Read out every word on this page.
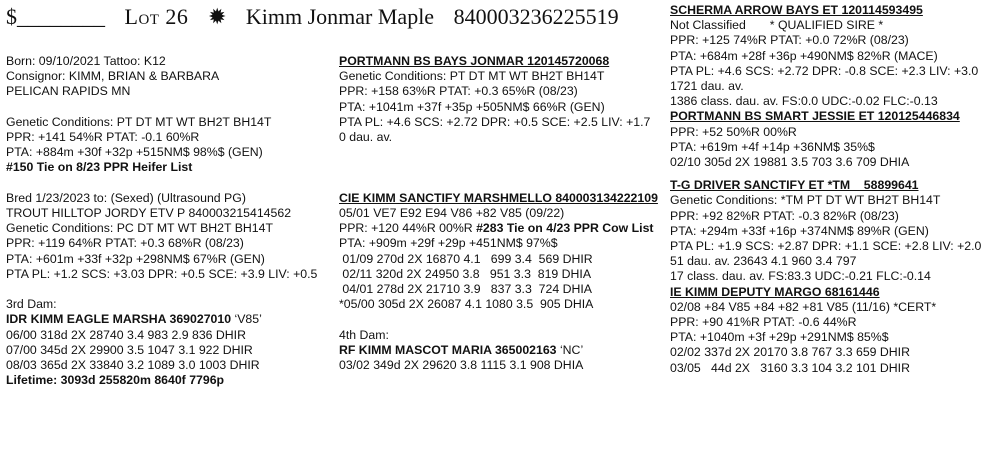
$________ Lot 26 ✹ Kimm Jonmar Maple 840003236225519
Born: 09/10/2021 Tattoo: K12
Consignor: KIMM, BRIAN & BARBARA
PELICAN RAPIDS MN
Genetic Conditions: PT DT MT WT BH2T BH14T
PPR: +141 54%R PTAT: -0.1 60%R
PTA: +884m +30f +32p +515NM$ 98%$ (GEN)
#150 Tie on 8/23 PPR Heifer List
Bred 1/23/2023 to: (Sexed) (Ultrasound PG)
TROUT HILLTOP JORDY ETV P 840003215414562
Genetic Conditions: PC DT MT WT BH2T BH14T
PPR: +119 64%R PTAT: +0.3 68%R (08/23)
PTA: +601m +33f +32p +298NM$ 67%R (GEN)
PTA PL: +1.2 SCS: +3.03 DPR: +0.5 SCE: +3.9 LIV: +0.5
3rd Dam:
IDR KIMM EAGLE MARSHA 369027010 ‘V85’
06/00 318d 2X 28740 3.4 983 2.9 836 DHIR
07/00 345d 2X 29900 3.5 1047 3.1 922 DHIR
08/03 365d 2X 33840 3.2 1089 3.0 1003 DHIR
Lifetime: 3093d 255820m 8640f 7796p
PORTMANN BS BAYS JONMAR 120145720068
Genetic Conditions: PT DT MT WT BH2T BH14T
PPR: +158 63%R PTAT: +0.3 65%R (08/23)
PTA: +1041m +37f +35p +505NM$ 66%R (GEN)
PTA PL: +4.6 SCS: +2.72 DPR: +0.5 SCE: +2.5 LIV: +1.7
0 dau. av.
CIE KIMM SANCTIFY MARSHMELLO 840003134222109
05/01 VE7 E92 E94 V86 +82 V85 (09/22)
PPR: +120 44%R 00%R #283 Tie on 4/23 PPR Cow List
PTA: +909m +29f +29p +451NM$ 97%$
01/09 270d 2X 16870 4.1   699 3.4  569 DHIR
02/11 320d 2X 24950 3.8   951 3.3  819 DHIA
04/01 278d 2X 21710 3.9   837 3.3  724 DHIA
*05/00 305d 2X 26087 4.1 1080 3.5  905 DHIA
4th Dam:
RF KIMM MASCOT MARIA 365002163 ‘NC’
03/02 349d 2X 29620 3.8 1115 3.1 908 DHIA
SCHERMA ARROW BAYS ET 120114593495
Not Classified       * QUALIFIED SIRE *
PPR: +125 74%R PTAT: +0.0 72%R (08/23)
PTA: +684m +28f +36p +490NM$ 82%R (MACE)
PTA PL: +4.6 SCS: +2.72 DPR: -0.8 SCE: +2.3 LIV: +3.0
1721 dau. av.
1386 class. dau. av. FS:0.0 UDC:-0.02 FLC:-0.13
PORTMANN BS SMART JESSIE ET 120125446834
PPR: +52 50%R 00%R
PTA: +619m +4f +14p +36NM$ 35%$
02/10 305d 2X 19881 3.5 703 3.6 709 DHIA
T-G DRIVER SANCTIFY ET *TM    58899641
Genetic Conditions: *TM PT DT WT BH2T BH14T
PPR: +92 82%R PTAT: -0.3 82%R (08/23)
PTA: +294m +33f +16p +374NM$ 89%R (GEN)
PTA PL: +1.9 SCS: +2.87 DPR: +1.1 SCE: +2.8 LIV: +2.0
51 dau. av. 23643 4.1 960 3.4 797
17 class. dau. av. FS:83.3 UDC:-0.21 FLC:-0.14
IE KIMM DEPUTY MARGO 68161446
02/08 +84 V85 +84 +82 +81 V85 (11/16) *CERT*
PPR: +90 41%R PTAT: -0.6 44%R
PTA: +1040m +3f +29p +291NM$ 85%$
02/02 337d 2X 20170 3.8 767 3.3 659 DHIR
03/05   44d 2X   3160 3.3 104 3.2 101 DHIR
